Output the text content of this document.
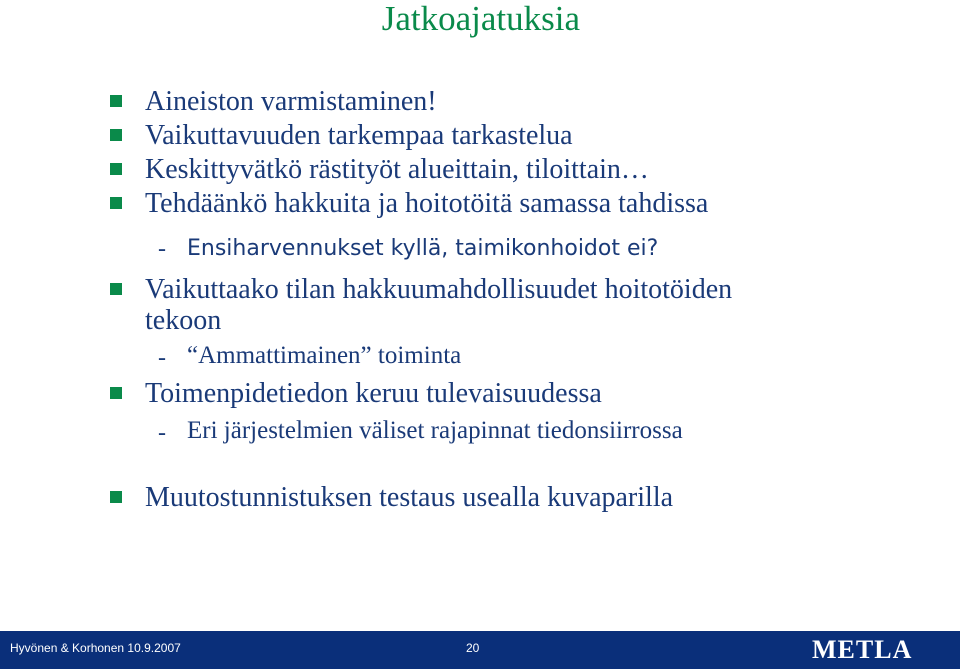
Jatkoajatuksia
Aineiston varmistaminen!
Vaikuttavuuden tarkempaa tarkastelua
Keskittyvätkö rästityöt alueittain, tiloittain…
Tehdäänkö hakkuita ja hoitotöitä samassa tahdissa
- Ensiharvennukset kyllä, taimikonhoidot ei?
Vaikuttaako tilan hakkuumahdollisuudet hoitotöiden
tekoon
- “Ammattimainen” toiminta
Toimenpidetiedon keruu tulevaisuudessa
- Eri järjestelmien väliset rajapinnat tiedonsiirrossa
Muutostunnistuksen testaus usealla kuvaparilla
Hyvönen & Korhonen 10.9.2007	20	METLA
